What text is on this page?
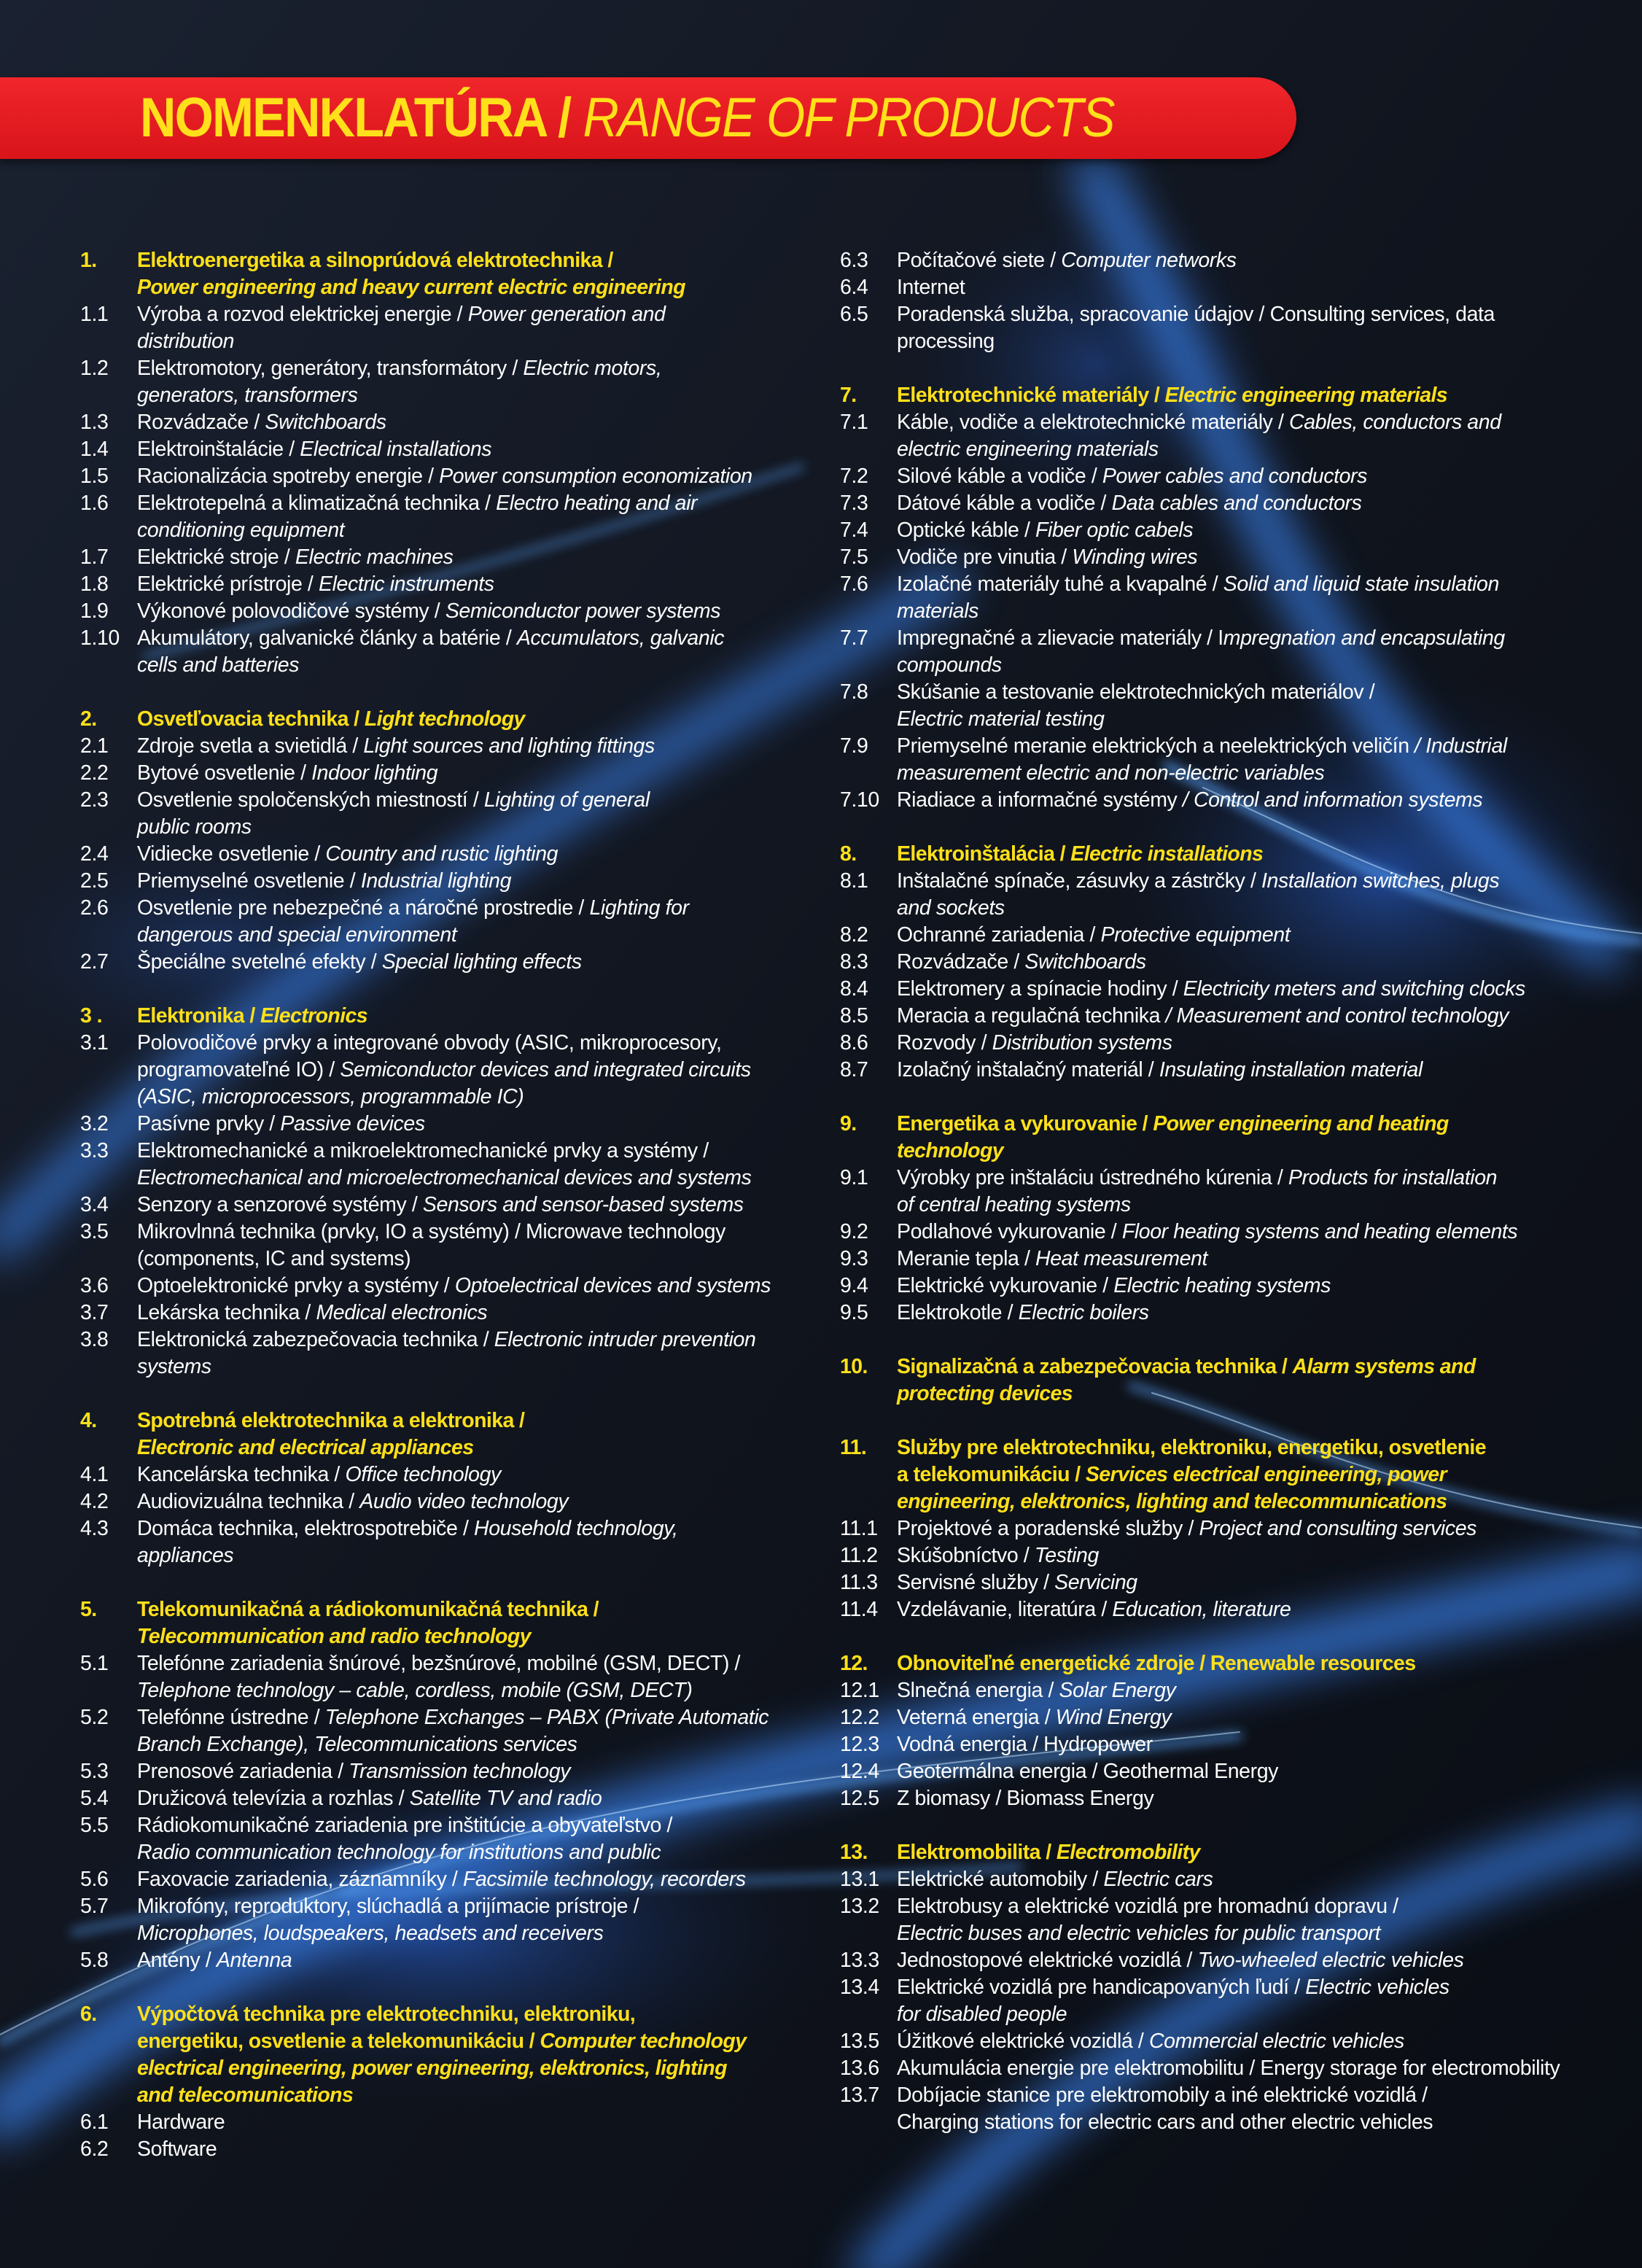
NOMENKLATÚRA / RANGE OF PRODUCTS
1. Elektroenergetika a silnoprúdová elektrotechnika /
Power engineering and heavy current electric engineering
1.1 Výroba a rozvod elektrickej energie / Power generation and
distribution
1.2 Elektromotory, generátory, transformátory / Electric motors,
generators, transformers
1.3 Rozvádzače / Switchboards
1.4 Elektroinštalácie / Electrical installations
1.5 Racionalizácia spotreby energie / Power consumption economization
1.6 Elektrotepelná a klimatizačná technika / Electro heating and air
conditioning equipment
1.7 Elektrické stroje / Electric machines
1.8 Elektrické prístroje / Electric instruments
1.9 Výkonové polovodičové systémy / Semiconductor power systems
1.10 Akumulátory, galvanické články a batérie / Accumulators, galvanic
cells and batteries
2. Osvetľovacia technika / Light technology
2.1 Zdroje svetla a svietidlá / Light sources and lighting fittings
2.2 Bytové osvetlenie / Indoor lighting
2.3 Osvetlenie spoločenských miestností / Lighting of general
public rooms
2.4 Vidiecke osvetlenie / Country and rustic lighting
2.5 Priemyselné osvetlenie / Industrial lighting
2.6 Osvetlenie pre nebezpečné a náročné prostredie / Lighting for
dangerous and special environment
2.7 Špeciálne svetelné efekty / Special lighting effects
3 . Elektronika / Electronics
3.1 Polovodičové prvky a integrované obvody (ASIC, mikroprocesory,
programovateľné IO) / Semiconductor devices and integrated circuits
(ASIC, microprocessors, programmable IC)
3.2 Pasívne prvky / Passive devices
3.3 Elektromechanické a mikroelektromechanické prvky a systémy /
Electromechanical and microelectromechanical devices and systems
3.4 Senzory a senzorové systémy / Sensors and sensor-based systems
3.5 Mikrovlnná technika (prvky, IO a systémy) / Microwave technology
(components, IC and systems)
3.6 Optoelektronické prvky a systémy / Optoelectrical devices and systems
3.7 Lekárska technika / Medical electronics
3.8 Elektronická zabezpečovacia technika / Electronic intruder prevention
systems
4. Spotrebná elektrotechnika a elektronika /
Electronic and electrical appliances
4.1 Kancelárska technika / Office technology
4.2 Audiovizuálna technika / Audio video technology
4.3 Domáca technika, elektrospotrebiče / Household technology,
appliances
5. Telekomunikačná a rádiokomunikačná technika /
Telecommunication and radio technology
5.1 Telefónne zariadenia šnúrové, bezšnúrové, mobilné (GSM, DECT) /
Telephone technology – cable, cordless, mobile (GSM, DECT)
5.2 Telefónne ústredne / Telephone Exchanges – PABX (Private Automatic
Branch Exchange), Telecommunications services
5.3 Prenosové zariadenia / Transmission technology
5.4 Družicová televízia a rozhlas / Satellite TV and radio
5.5 Rádiokomunikačné zariadenia pre inštitúcie a obyvateľstvo /
Radio communication technology for institutions and public
5.6 Faxovacie zariadenia, záznamníky / Facsimile technology, recorders
5.7 Mikrofóny, reproduktory, slúchadlá a prijímacie prístroje /
Microphones, loudspeakers, headsets and receivers
5.8 Antény / Antenna
6. Výpočtová technika pre elektrotechniku, elektroniku,
energetiku, osvetlenie a telekomunikáciu / Computer technology
electrical engineering, power engineering, elektronics, lighting
and telecomunications
6.1 Hardware
6.2 Software
6.3 Počítačové siete / Computer networks
6.4 Internet
6.5 Poradenská služba, spracovanie údajov / Consulting services, data
processing
7. Elektrotechnické materiály / Electric engineering materials
7.1 Káble, vodiče a elektrotechnické materiály / Cables, conductors and
electric engineering materials
7.2 Silové káble a vodiče / Power cables and conductors
7.3 Dátové káble a vodiče / Data cables and conductors
7.4 Optické káble / Fiber optic cabels
7.5 Vodiče pre vinutia / Winding wires
7.6 Izolačné materiály tuhé a kvapalné / Solid and liquid state insulation
materials
7.7 Impregnačné a zlievacie materiály / Impregnation and encapsulating
compounds
7.8 Skúšanie a testovanie elektrotechnických materiálov /
Electric material testing
7.9 Priemyselné meranie elektrických a neelektrických veličín / Industrial
measurement electric and non-electric variables
7.10 Riadiace a informačné systémy / Control and information systems
8. Elektroinštalácia / Electric installations
8.1 Inštalačné spínače, zásuvky a zástrčky / Installation switches, plugs
and sockets
8.2 Ochranné zariadenia / Protective equipment
8.3 Rozvádzače / Switchboards
8.4 Elektromery a spínacie hodiny / Electricity meters and switching clocks
8.5 Meracia a regulačná technika / Measurement and control technology
8.6 Rozvody / Distribution systems
8.7 Izolačný inštalačný materiál / Insulating installation material
9. Energetika a vykurovanie / Power engineering and heating
technology
9.1 Výrobky pre inštaláciu ústredného kúrenia / Products for installation
of central heating systems
9.2 Podlahové vykurovanie / Floor heating systems and heating elements
9.3 Meranie tepla / Heat measurement
9.4 Elektrické vykurovanie / Electric heating systems
9.5 Elektrokotle / Electric boilers
10. Signalizačná a zabezpečovacia technika / Alarm systems and
protecting devices
11. Služby pre elektrotechniku, elektroniku, energetiku, osvetlenie
a telekomunikáciu / Services electrical engineering, power
engineering, elektronics, lighting and telecommunications
11.1 Projektové a poradenské služby / Project and consulting services
11.2 Skúšobníctvo / Testing
11.3 Servisné služby / Servicing
11.4 Vzdelávanie, literatúra / Education, literature
12. Obnoviteľné energetické zdroje / Renewable resources
12.1 Slnečná energia / Solar Energy
12.2 Veterná energia / Wind Energy
12.3 Vodná energia / Hydropower
12.4 Geotermálna energia / Geothermal Energy
12.5 Z biomasy / Biomass Energy
13. Elektromobilita / Electromobility
13.1 Elektrické automobily / Electric cars
13.2 Elektrobusy a elektrické vozidlá pre hromadnú dopravu /
Electric buses and electric vehicles for public transport
13.3 Jednostopové elektrické vozidlá / Two-wheeled electric vehicles
13.4 Elektrické vozidlá pre handicapovaných ľudí / Electric vehicles
for disabled people
13.5 Úžitkové elektrické vozidlá / Commercial electric vehicles
13.6 Akumulácia energie pre elektromobilitu / Energy storage for electromobility
13.7 Dobíjacie stanice pre elektromobily a iné elektrické vozidlá /
Charging stations for electric cars and other electric vehicles
